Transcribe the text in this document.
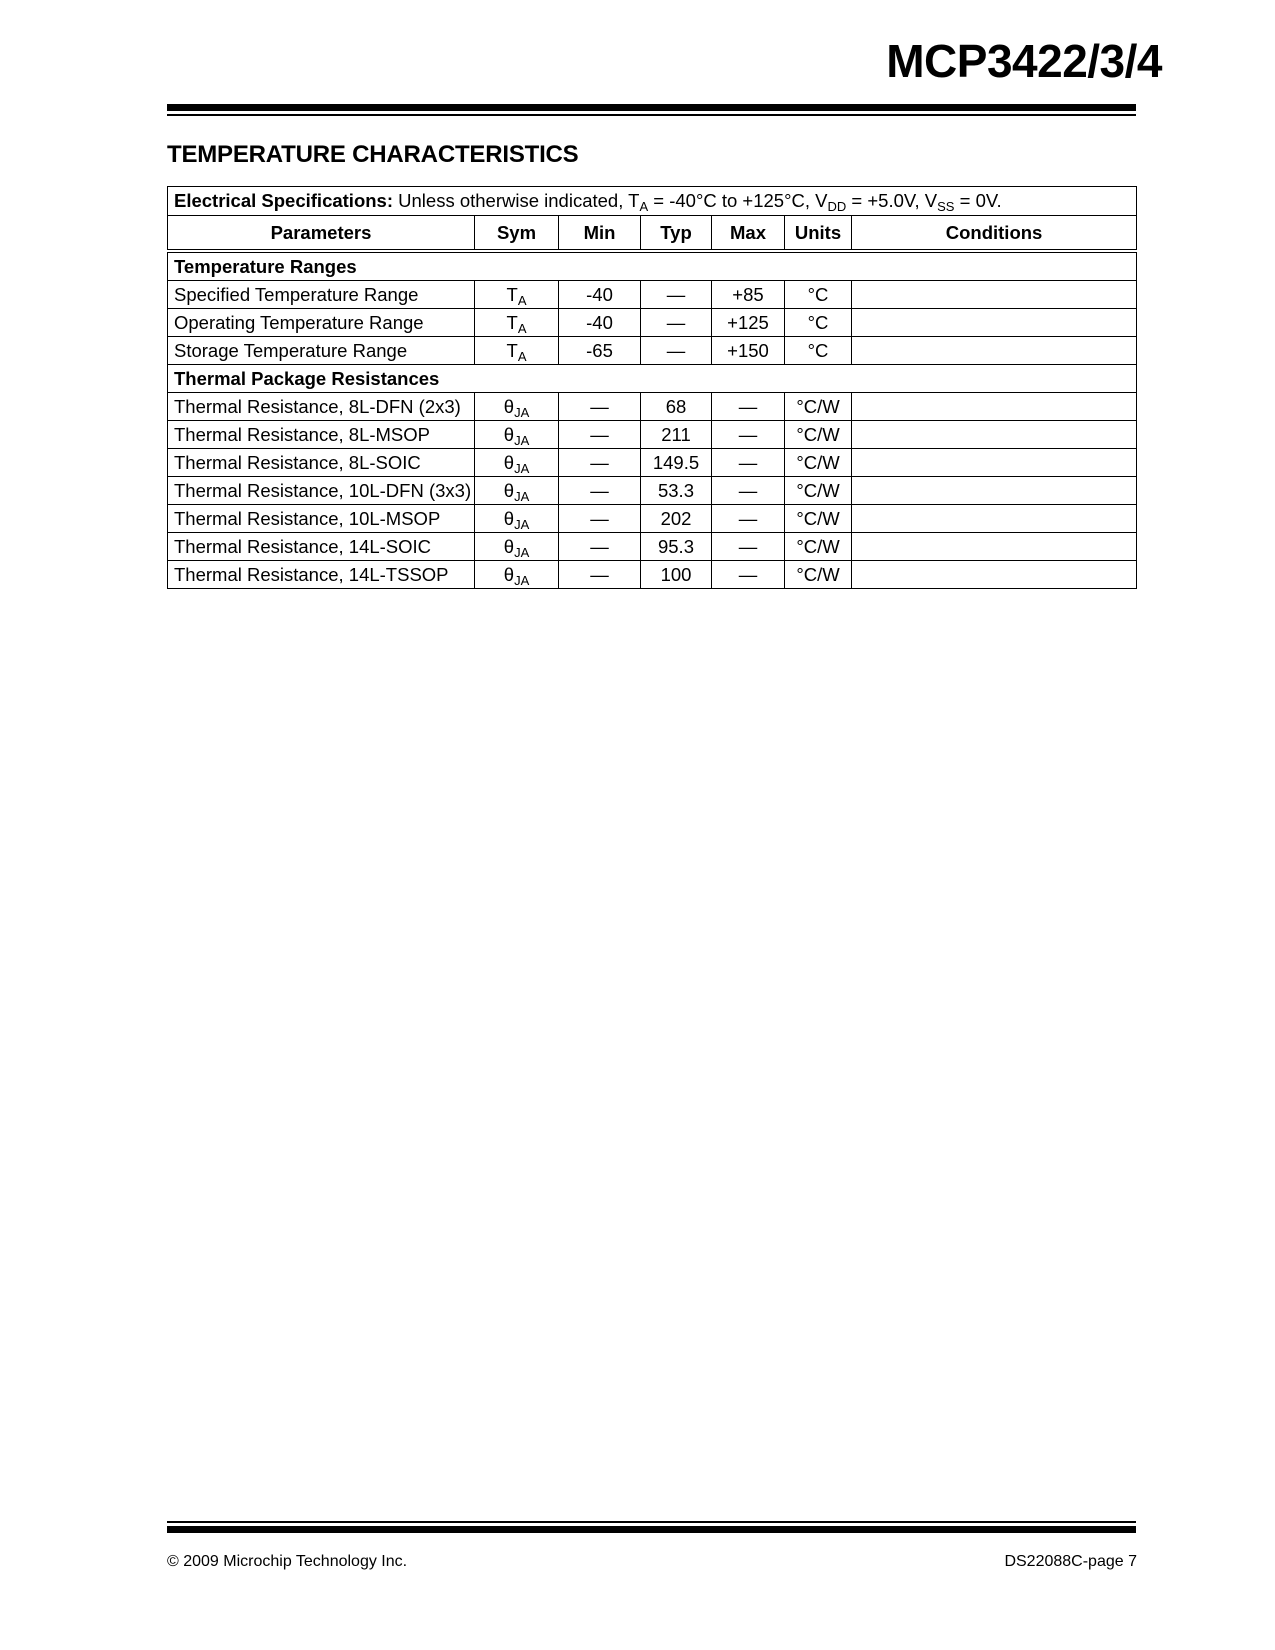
MCP3422/3/4
TEMPERATURE CHARACTERISTICS
Electrical Specifications: Unless otherwise indicated, $T_A = -40^\circ C$ to +125°C, $V_{DD} = +5.0V$, $V_{SS} = 0V$.						
Parameters	Sym	Min	Typ	Max	Units	Conditions
Temperature Ranges						
Specified Temperature Range	$T_A$	-40	—	+85	°C	
Operating Temperature Range	$T_A$	-40	—	+125	°C	
Storage Temperature Range	$T_A$	-65	—	+150	°C	
Thermal Package Resistances						
Thermal Resistance, 8L-DFN (2x3)	$\theta_{JA}$	—	68	—	°C/W	
Thermal Resistance, 8L-MSOP	$\theta_{JA}$	—	211	—	°C/W	
Thermal Resistance, 8L-SOIC	$\theta_{JA}$	—	149.5	—	°C/W	
Thermal Resistance, 10L-DFN (3x3)	$\theta_{JA}$	—	53.3	—	°C/W	
Thermal Resistance, 10L-MSOP	$\theta_{JA}$	—	202	—	°C/W	
Thermal Resistance, 14L-SOIC	$\theta_{JA}$	—	95.3	—	°C/W	
Thermal Resistance, 14L-TSSOP	$\theta_{JA}$	—	100	—	°C/W	
© 2009 Microchip Technology Inc.	DS22088C-page 7
